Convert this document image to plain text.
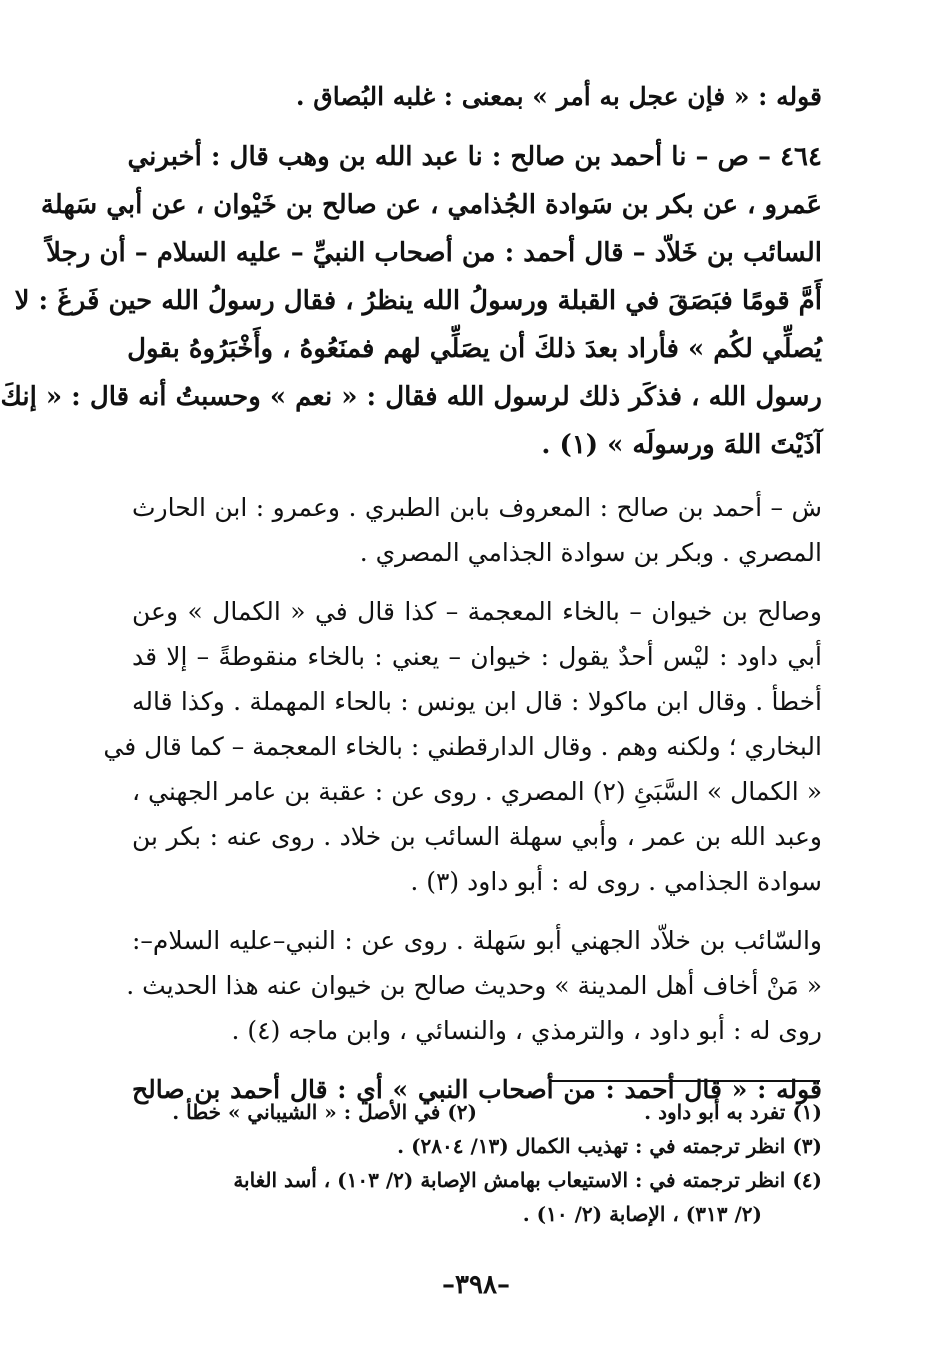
قوله : « فإن عجل به أمر » بمعنى : غلبه البُصاق .
٤٦٤ – ص – نا أحمد بن صالح : نا عبد الله بن وهب قال : أخبرني
عَمرو ، عن بكر بن سَوادة الجُذامي ، عن صالح بن خَيْوان ، عن أبي سَهلة
السائب بن خَلاّد – قال أحمد : من أصحاب النبيِّ – عليه السلام – أن رجلاً
أَمَّ قومًا فبَصَقَ في القبلة ورسولُ الله ينظرُ ، فقال رسولُ الله حين فَرغَ : لا
يُصلِّي لكُم » فأراد بعدَ ذلكَ أن يصَلِّي لهم فمنَعُوهُ ، وأَخْبَرُوهُ بقول
رسول الله ، فذكَر ذلك لرسول الله فقال : « نعم » وحسبتُ أنه قال : « إنكَ
آذَيْتَ اللهَ ورسولَه » (١) .
ش – أحمد بن صالح : المعروف بابن الطبري . وعمرو : ابن الحارث
المصري . وبكر بن سوادة الجذامي المصري .
وصالح بن خيوان – بالخاء المعجمة – كذا قال في « الكمال » وعن
أبي داود : ليْس أحدٌ يقول : خيوان – يعني : بالخاء منقوطةً – إلا قد
أخطأ . وقال ابن ماكولا : قال ابن يونس : بالحاء المهملة . وكذا قاله
البخاري ؛ ولكنه وهم . وقال الدارقطني : بالخاء المعجمة – كما قال في
« الكمال » السَّبَئِ (٢) المصري . روى عن : عقبة بن عامر الجهني ،
وعبد الله بن عمر ، وأبي سهلة السائب بن خلاد . روى عنه : بكر بن
سوادة الجذامي . روى له : أبو داود (٣) .
والسّائب بن خلاّد الجهني أبو سَهلة . روى عن : النبي–عليه السلام–:
« مَنْ أخاف أهل المدينة » وحديث صالح بن خيوان عنه هذا الحديث .
روى له : أبو داود ، والترمذي ، والنسائي ، وابن ماجه (٤) .
قوله : « قال أحمد : من أصحاب النبي » أي : قال أحمد بن صالح
(١) تفرد به أبو داود .
(٢) في الأصل : « الشيباني » خطأ .
(٣) انظر ترجمته في : تهذيب الكمال (١٣/ ٢٨٠٤) .
(٤) انظر ترجمته في : الاستيعاب بهامش الإصابة (٢/ ١٠٣) ، أسد الغابة
(٢/ ٣١٣) ، الإصابة (٢/ ١٠) .
–٣٩٨–
